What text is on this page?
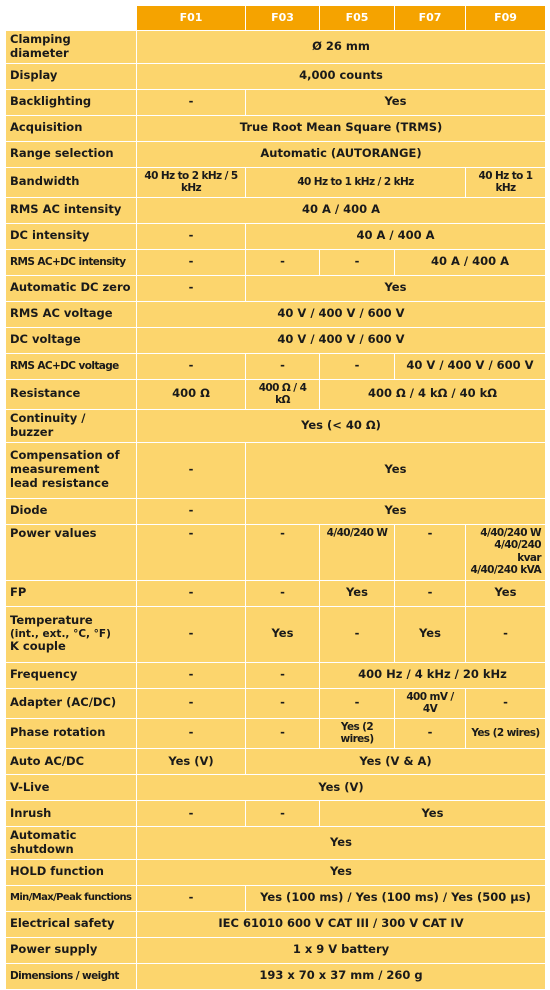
	F01	F03	F05	F07	F09
Clamping diameter	Ø 26 mm				
Display	4,000 counts				
Backlighting	-	Yes			
Acquisition	True Root Mean Square (TRMS)				
Range selection	Automatic (AUTORANGE)				
Bandwidth	40 Hz to 2 kHz / 5 kHz	40 Hz to 1 kHz / 2 kHz			40 Hz to 1 kHz
RMS AC intensity	40 A / 400 A				
DC intensity	-	40 A / 400 A			
RMS AC+DC intensity	-	-	-	40 A / 400 A	
Automatic DC zero	-	Yes			
RMS AC voltage	40 V / 400 V / 600 V				
DC voltage	40 V / 400 V / 600 V				
RMS AC+DC voltage	-	-	-	40 V / 400 V / 600 V	
Resistance	400 Ω	400 Ω / 4 kΩ	400 Ω / 4 kΩ / 40 kΩ		
Continuity / buzzer	Yes (< 40 Ω)				

Compensation of
measurement
lead resistance	-	Yes			
Diode	-	Yes			
Power values	-	-	4/40/240 W	-	4/40/240 W
4/40/240 kvar
4/40/240 kVA

FP	-	-	Yes	-	Yes

Temperature
(int., ext., °C, °F)
K couple	-	Yes	-	Yes	-
Frequency	-	-	400 Hz / 4 kHz / 20 kHz		
Adapter (AC/DC)	-	-	-	400 mV / 4V	-
Phase rotation	-	-	Yes (2 wires)	-	Yes (2 wires)
Auto AC/DC	Yes (V)	Yes (V & A)			
V-Live	Yes (V)				
Inrush	-	-	Yes		
Automatic shutdown	Yes				
HOLD function	Yes				
Min/Max/Peak functions	-	Yes (100 ms) / Yes (100 ms) / Yes (500 µs)			
Electrical safety	IEC 61010 600 V CAT III / 300 V CAT IV				
Power supply	1 x 9 V battery				
Dimensions / weight	193 x 70 x 37 mm / 260 g				
